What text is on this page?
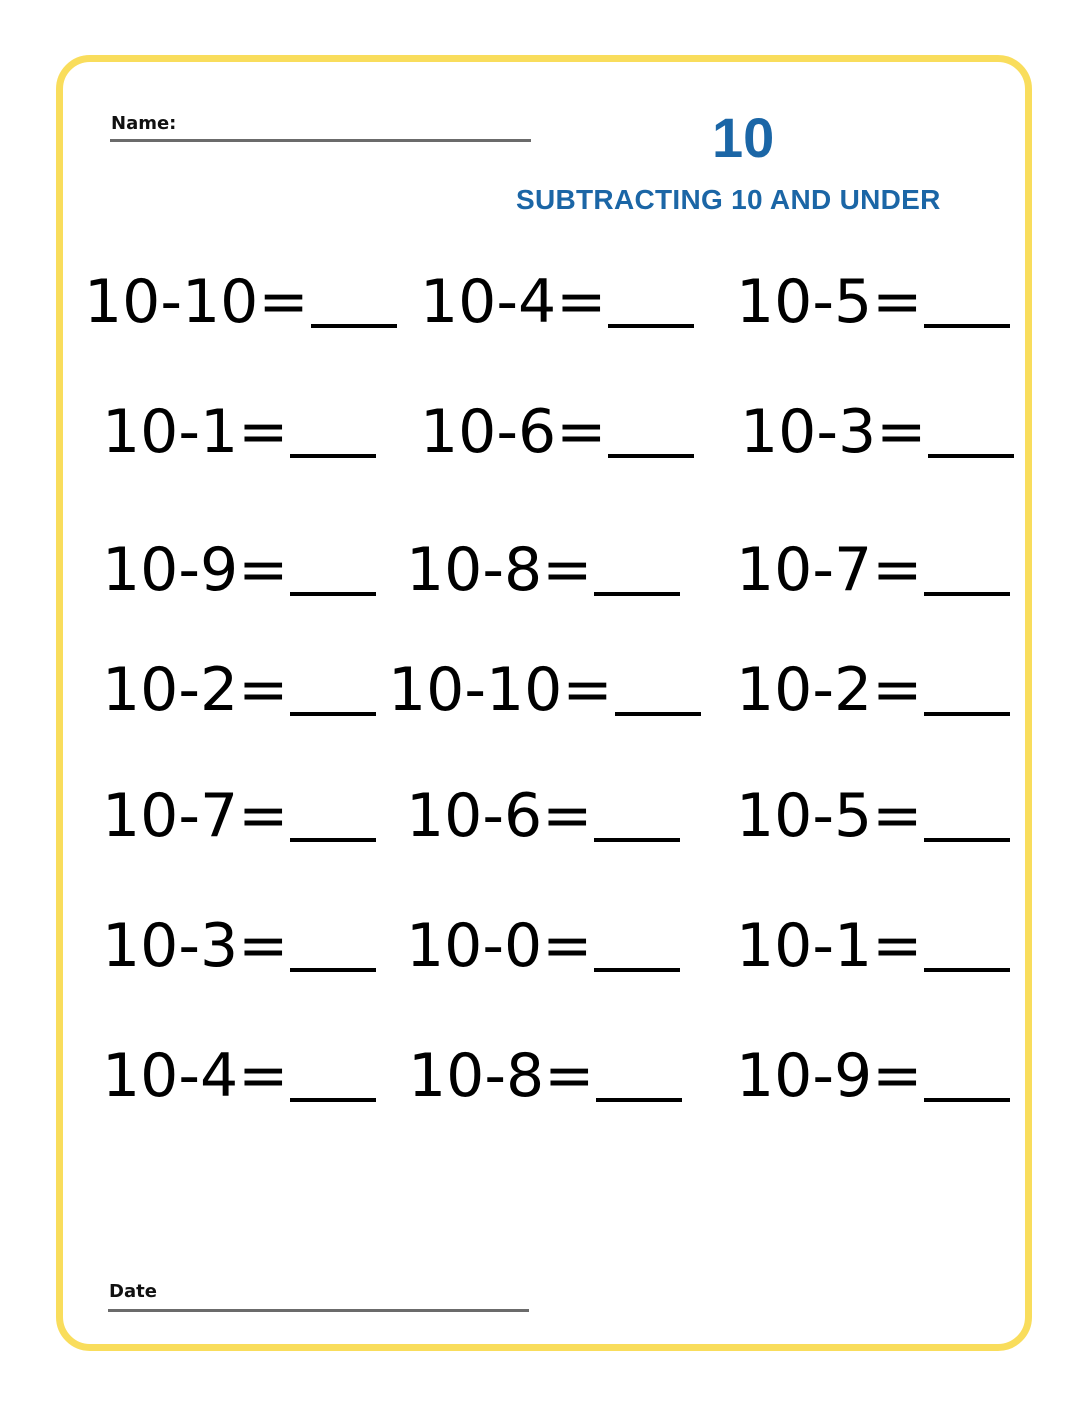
Name:	10
SUBTRACTING 10 AND UNDER
10-10= 10-4= 10-5=
10-1= 10-6= 10-3=
10-9= 10-8= 10-7=
10-2= 10-10= 10-2=
10-7= 10-6= 10-5=
10-3= 10-0= 10-1=
10-4= 10-8= 10-9=
Date
